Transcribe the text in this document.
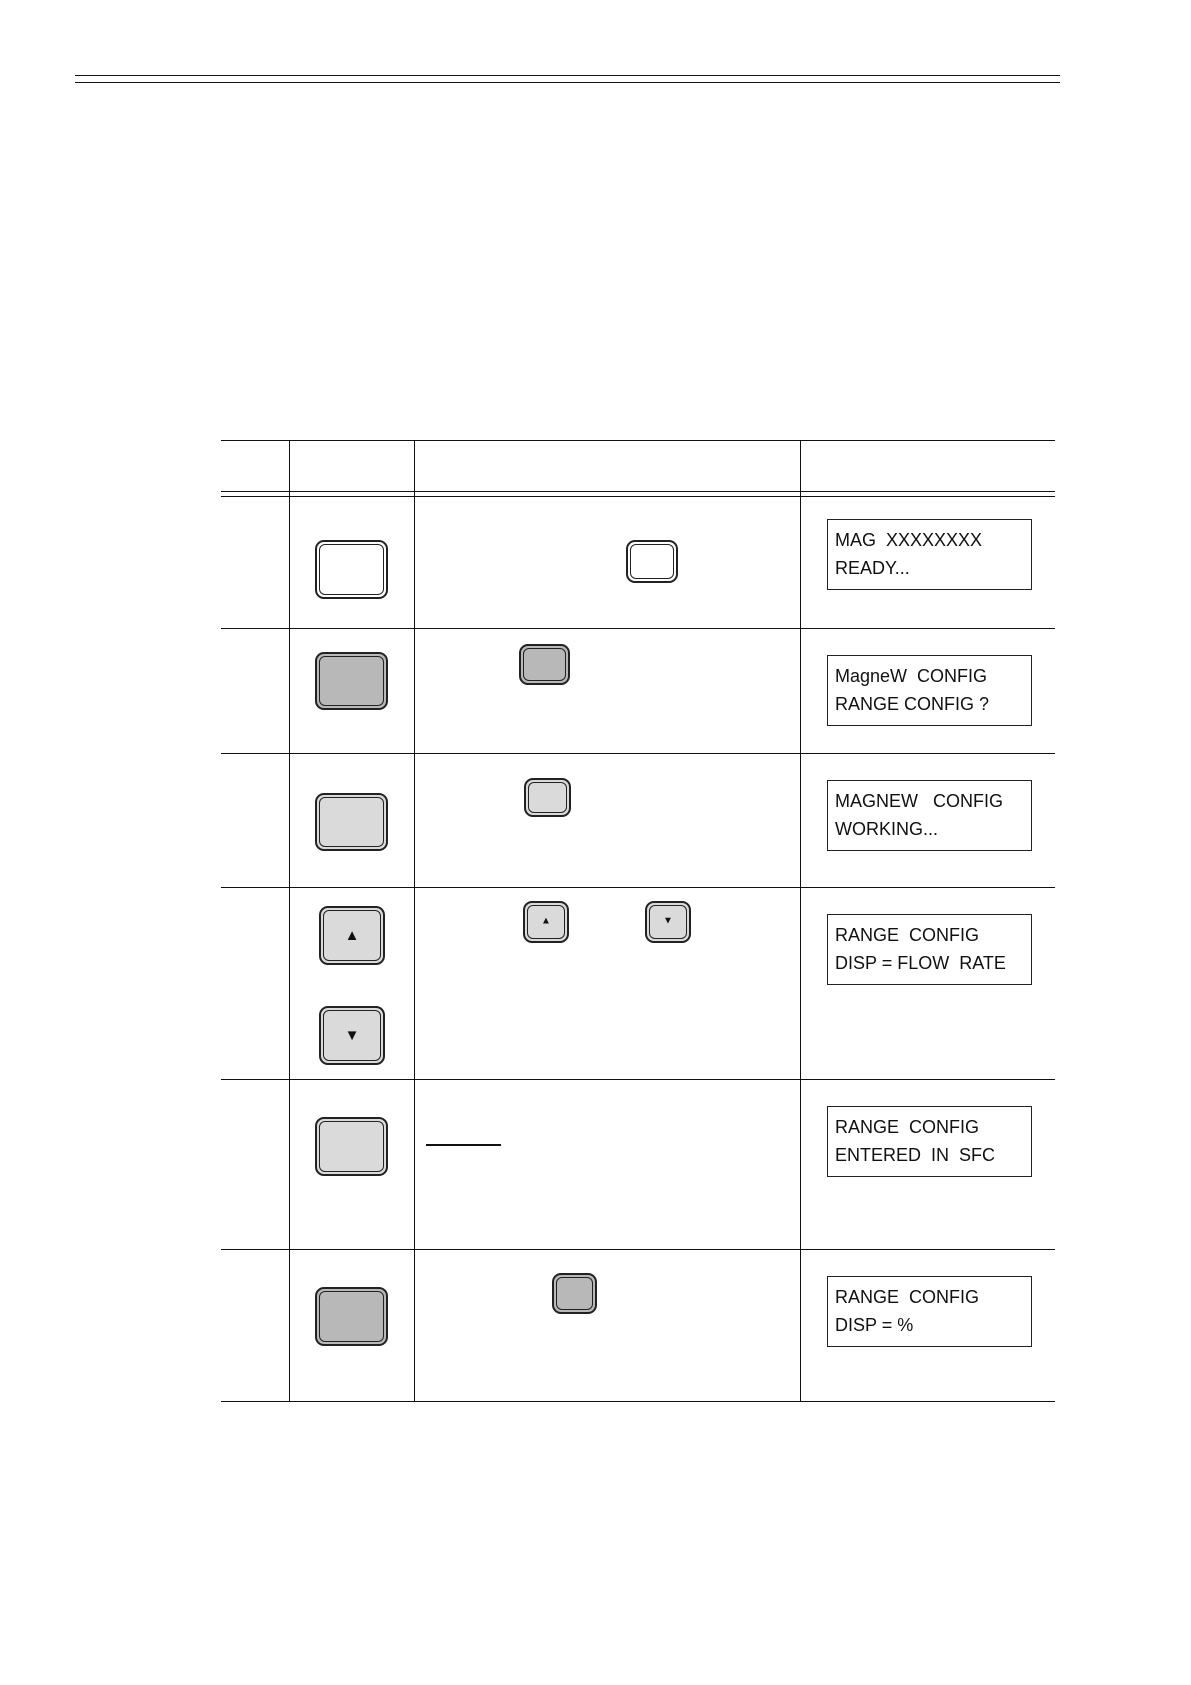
MAG  XXXXXXXX
READY...
MagneW  CONFIG
RANGE CONFIG ?
MAGNEW   CONFIG
WORKING...
▲
▼
▲	▼
RANGE  CONFIG
DISP = FLOW  RATE
RANGE  CONFIG
ENTERED  IN  SFC
RANGE  CONFIG
DISP = %
